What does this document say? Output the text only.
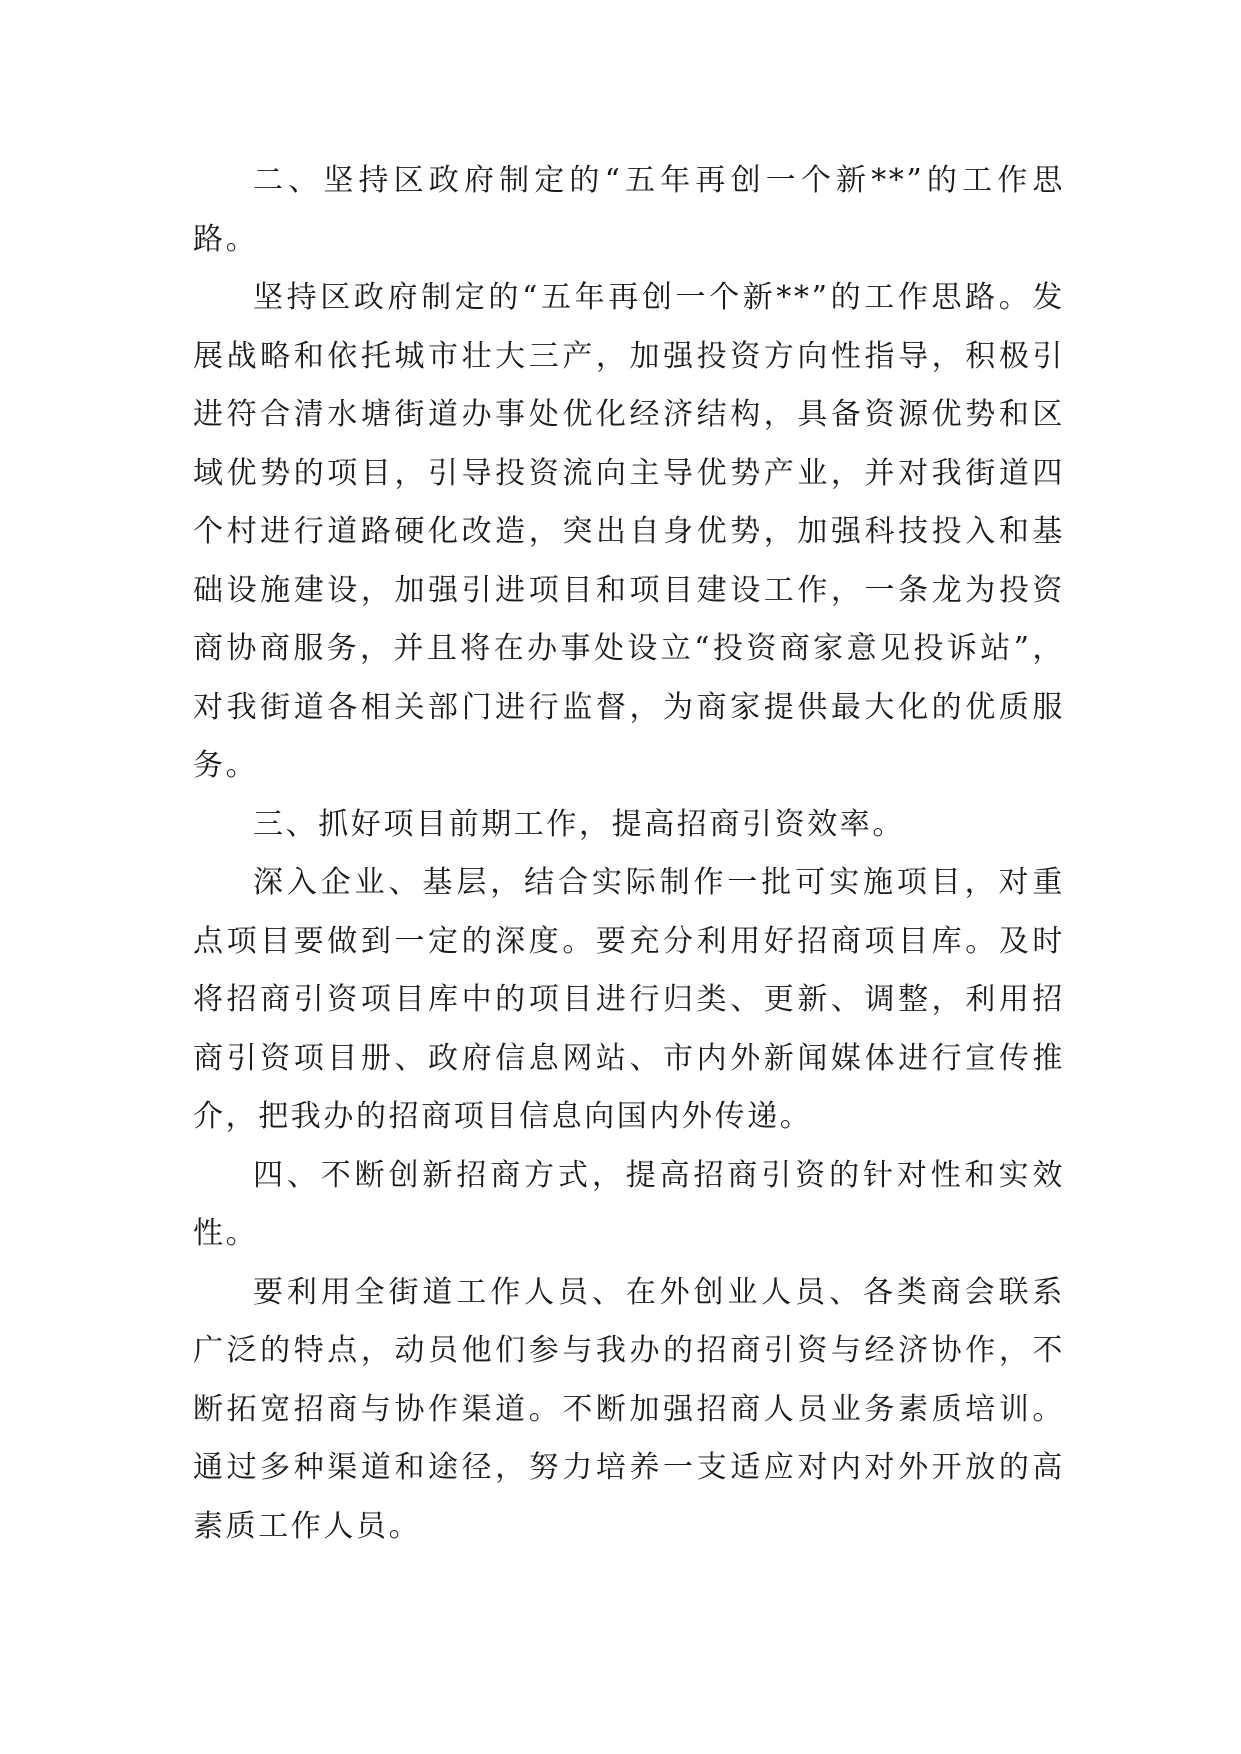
二、坚持区政府制定的“五年再创一个新**”的工作思路。

坚持区政府制定的“五年再创一个新**”的工作思路。发展战略和依托城市壮大三产，加强投资方向性指导，积极引进符合清水塘街道办事处优化经济结构，具备资源优势和区域优势的项目，引导投资流向主导优势产业，并对我街道四个村进行道路硬化改造，突出自身优势，加强科技投入和基础设施建设，加强引进项目和项目建设工作，一条龙为投资商协商服务，并且将在办事处设立“投资商家意见投诉站”，对我街道各相关部门进行监督，为商家提供最大化的优质服务。

三、抓好项目前期工作，提高招商引资效率。

深入企业、基层，结合实际制作一批可实施项目，对重点项目要做到一定的深度。要充分利用好招商项目库。及时将招商引资项目库中的项目进行归类、更新、调整，利用招商引资项目册、政府信息网站、市内外新闻媒体进行宣传推介，把我办的招商项目信息向国内外传递。

四、不断创新招商方式，提高招商引资的针对性和实效性。

要利用全街道工作人员、在外创业人员、各类商会联系广泛的特点，动员他们参与我办的招商引资与经济协作，不断拓宽招商与协作渠道。不断加强招商人员业务素质培训。通过多种渠道和途径，努力培养一支适应对内对外开放的高素质工作人员。
